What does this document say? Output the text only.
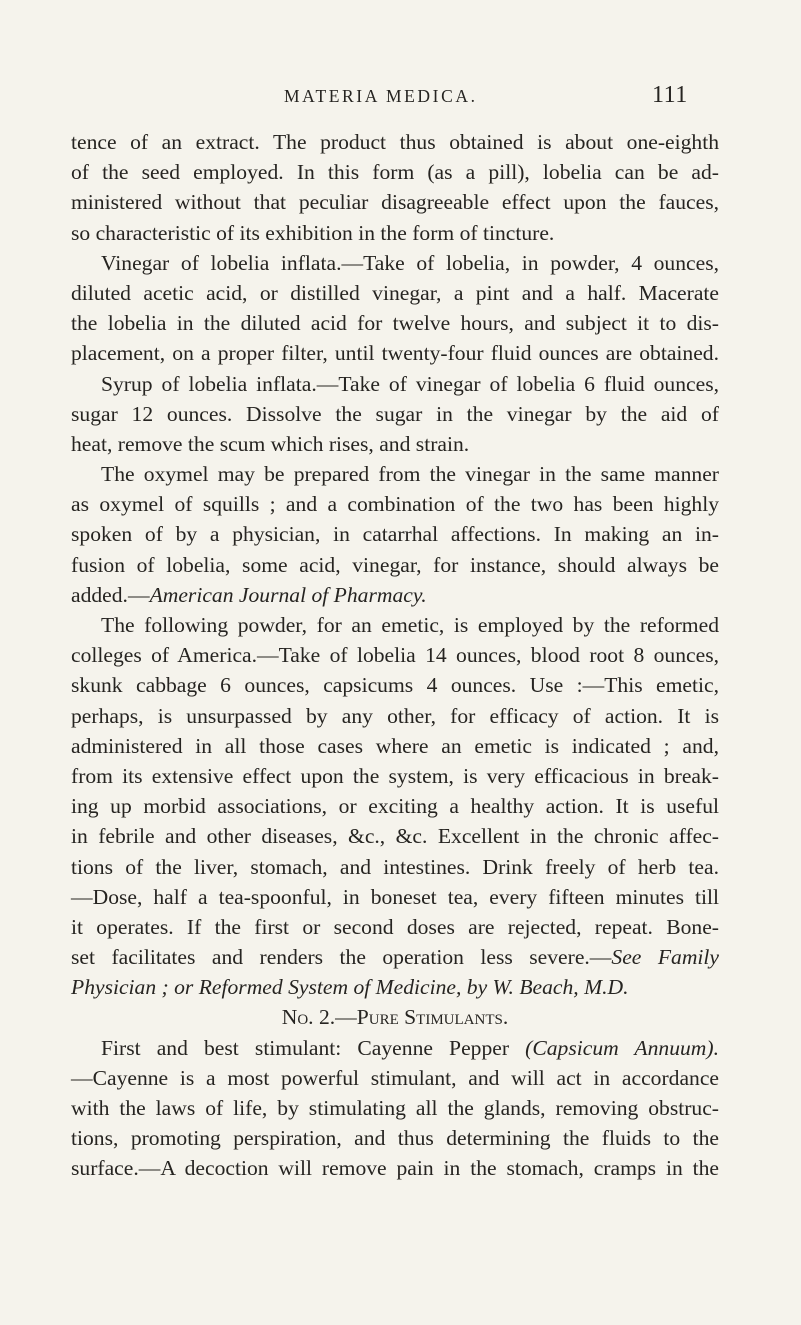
MATERIA MEDICA.	111
tence of an extract. The product thus obtained is about one-eighth
of the seed employed. In this form (as a pill), lobelia can be ad-
ministered without that peculiar disagreeable effect upon the fauces,
so characteristic of its exhibition in the form of tincture.
Vinegar of lobelia inflata.—Take of lobelia, in powder, 4 ounces,
diluted acetic acid, or distilled vinegar, a pint and a half. Macerate
the lobelia in the diluted acid for twelve hours, and subject it to dis-
placement, on a proper filter, until twenty-four fluid ounces are obtained.
Syrup of lobelia inflata.—Take of vinegar of lobelia 6 fluid ounces,
sugar 12 ounces. Dissolve the sugar in the vinegar by the aid of
heat, remove the scum which rises, and strain.
The oxymel may be prepared from the vinegar in the same manner
as oxymel of squills ; and a combination of the two has been highly
spoken of by a physician, in catarrhal affections. In making an in-
fusion of lobelia, some acid, vinegar, for instance, should always be
added.—American Journal of Pharmacy.
The following powder, for an emetic, is employed by the reformed
colleges of America.—Take of lobelia 14 ounces, blood root 8 ounces,
skunk cabbage 6 ounces, capsicums 4 ounces. Use :—This emetic,
perhaps, is unsurpassed by any other, for efficacy of action. It is
administered in all those cases where an emetic is indicated ; and,
from its extensive effect upon the system, is very efficacious in break-
ing up morbid associations, or exciting a healthy action. It is useful
in febrile and other diseases, &c., &c. Excellent in the chronic affec-
tions of the liver, stomach, and intestines. Drink freely of herb tea.
—Dose, half a tea-spoonful, in boneset tea, every fifteen minutes till
it operates. If the first or second doses are rejected, repeat. Bone-
set facilitates and renders the operation less severe.—See Family
Physician ; or Reformed System of Medicine, by W. Beach, M.D.
No. 2.—Pure Stimulants.
First and best stimulant: Cayenne Pepper (Capsicum Annuum).
—Cayenne is a most powerful stimulant, and will act in accordance
with the laws of life, by stimulating all the glands, removing obstruc-
tions, promoting perspiration, and thus determining the fluids to the
surface.—A decoction will remove pain in the stomach, cramps in the
